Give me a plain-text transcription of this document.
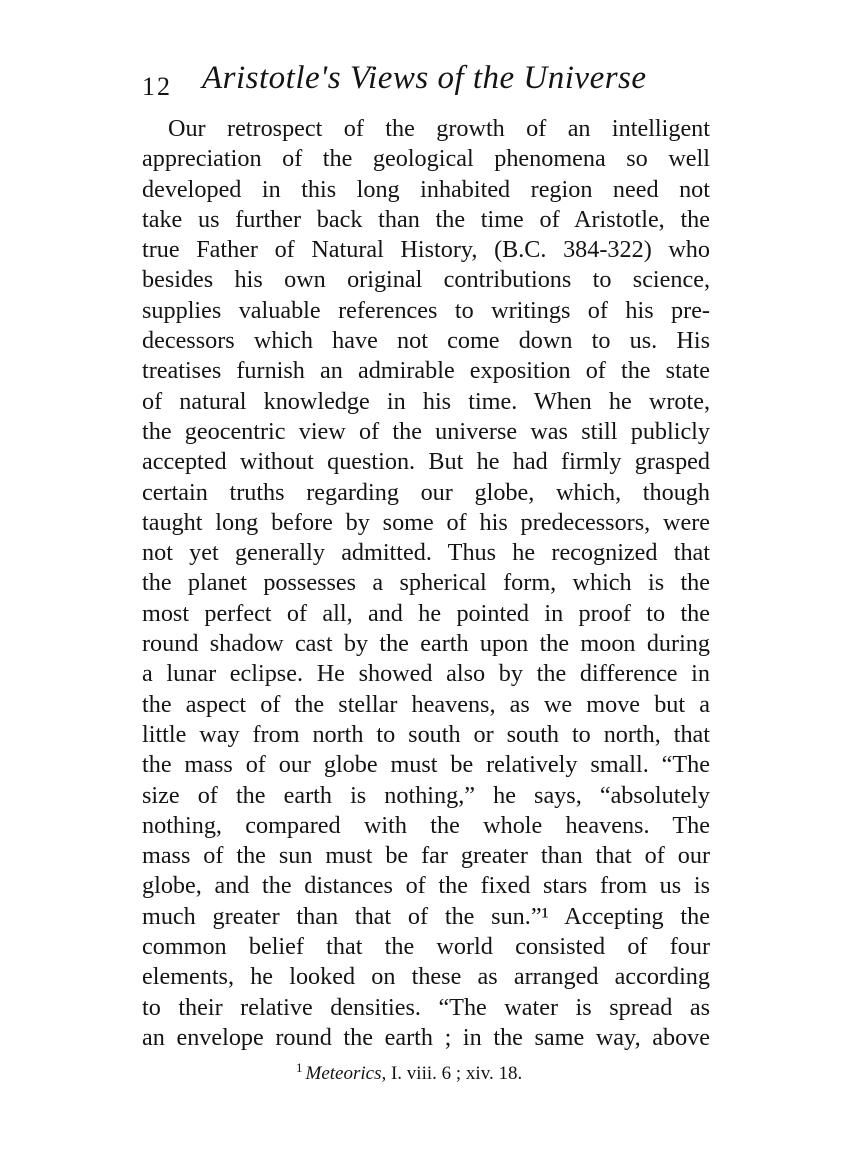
12 Aristotle's Views of the Universe
Our retrospect of the growth of an intelligent
appreciation of the geological phenomena so well
developed in this long inhabited region need not
take us further back than the time of Aristotle, the
true Father of Natural History, (B.C. 384-322) who
besides his own original contributions to science,
supplies valuable references to writings of his pre-
decessors which have not come down to us. His
treatises furnish an admirable exposition of the state
of natural knowledge in his time. When he wrote,
the geocentric view of the universe was still publicly
accepted without question. But he had firmly grasped
certain truths regarding our globe, which, though
taught long before by some of his predecessors, were
not yet generally admitted. Thus he recognized that
the planet possesses a spherical form, which is the
most perfect of all, and he pointed in proof to the
round shadow cast by the earth upon the moon during
a lunar eclipse. He showed also by the difference in
the aspect of the stellar heavens, as we move but a
little way from north to south or south to north, that
the mass of our globe must be relatively small. “The
size of the earth is nothing,” he says, “absolutely
nothing, compared with the whole heavens. The
mass of the sun must be far greater than that of our
globe, and the distances of the fixed stars from us is
much greater than that of the sun.”¹ Accepting the
common belief that the world consisted of four
elements, he looked on these as arranged according
to their relative densities. “The water is spread as
an envelope round the earth ; in the same way, above
$^1$ Meteorics, I. viii. 6 ; xiv. 18.
